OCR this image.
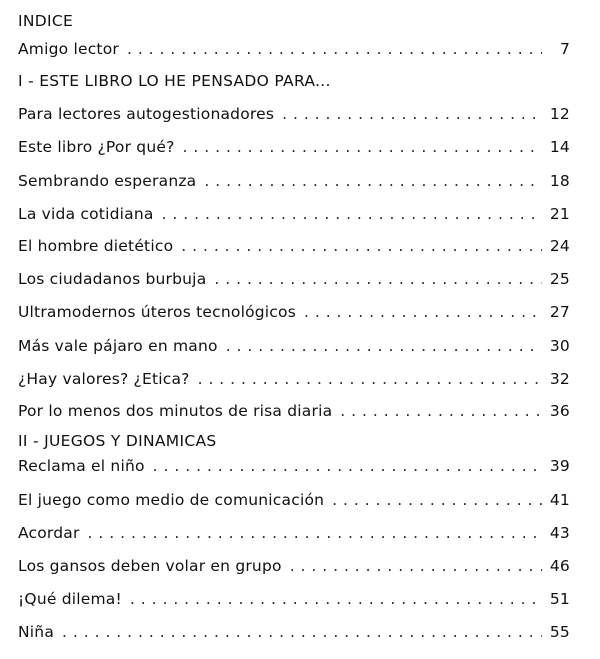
INDICE
Amigo lector . . .	7
I - ESTE LIBRO LO HE PENSADO PARA...
Para lectores autogestionadores . . .	12
Este libro ¿Por qué? . . .	14
Sembrando esperanza . . .	18
La vida cotidiana . . .	21
El hombre dietético . . .	24
Los ciudadanos burbuja . . .	25
Ultramodernos úteros tecnológicos . . .	27
Más vale pájaro en mano . . .	30
¿Hay valores? ¿Etica? . . .	32
Por lo menos dos minutos de risa diaria . . .	36
II - JUEGOS Y DINAMICAS
Reclama el niño . . .	39
El juego como medio de comunicación . . .	41
Acordar . . .	43
Los gansos deben volar en grupo . . .	46
¡Qué dilema! . . .	51
Niña . . .	55
